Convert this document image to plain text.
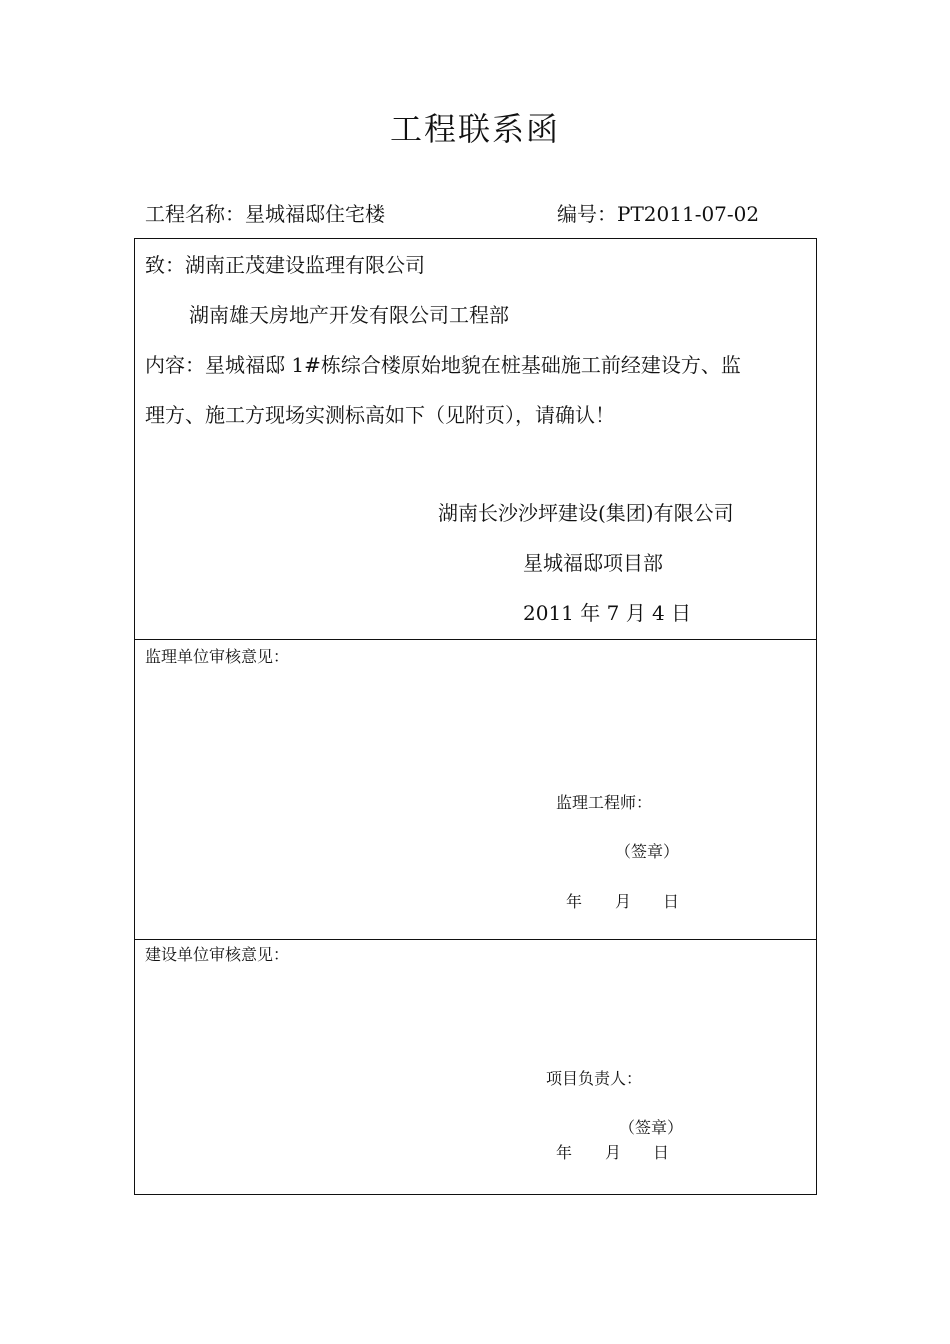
工程联系函
工程名称：星城福邸住宅楼	编号：PT2011-07-02
致：湖南正茂建设监理有限公司
湖南雄天房地产开发有限公司工程部
内容：星城福邸 1#栋综合楼原始地貌在桩基础施工前经建设方、监
理方、施工方现场实测标高如下（见附页），请确认！
湖南长沙沙坪建设(集团)有限公司
星城福邸项目部
2011 年 7 月 4 日
监理单位审核意见：
监理工程师：
（签章）
年 月 日
建设单位审核意见：
项目负责人：
（签章）
年 月 日
